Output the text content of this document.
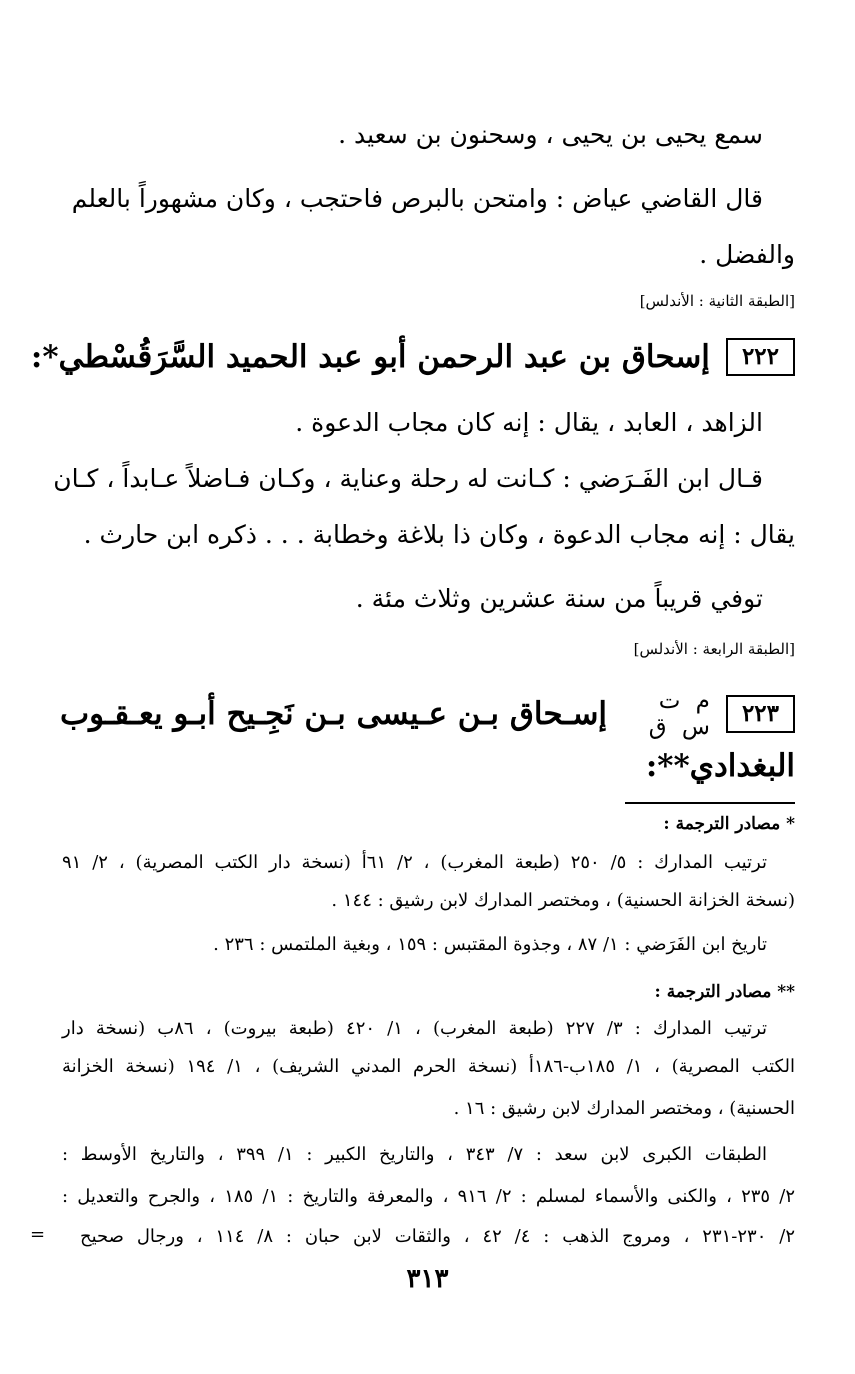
سمع يحيى بن يحيى ، وسحنون بن سعيد .
قال القاضي عياض : وامتحن بالبرص فاحتجب ، وكان مشهوراً بالعلم
والفضل .
[الطبقة الثانية : الأندلس]
٢٢٢
إسحاق بن عبد الرحمن أبو عبد الحميد السَّرَقُسْطي*:
الزاهد ، العابد ، يقال : إنه كان مجاب الدعوة .
قـال ابن الفَـرَضي : كـانت له رحلة وعناية ، وكـان فـاضلاً عـابداً ، كـان
يقال : إنه مجاب الدعوة ، وكان ذا بلاغة وخطابة . . . ذكره ابن حارث .
توفي قريباً من سنة عشرين وثلاث مئة .
[الطبقة الرابعة : الأندلس]
٢٢٣
م ت س ق
إسـحاق بـن عـيسى بـن نَجِـيح أبـو يعـقـوب
البغدادي**:
* مصادر الترجمة :
ترتيب المدارك : ٥/ ٢٥٠ (طبعة المغرب) ، ٢/ ٦١أ (نسخة دار الكتب المصرية) ، ٢/ ٩١
(نسخة الخزانة الحسنية) ، ومختصر المدارك لابن رشيق : ١٤٤ .
تاريخ ابن الفَرَضي : ١/ ٨٧ ، وجذوة المقتبس : ١٥٩ ، وبغية الملتمس : ٢٣٦ .
** مصادر الترجمة :
ترتيب المدارك : ٣/ ٢٢٧ (طبعة المغرب) ، ١/ ٤٢٠ (طبعة بيروت) ، ٨٦ب (نسخة دار
الكتب المصرية) ، ١/ ١٨٥ب-١٨٦أ (نسخة الحرم المدني الشريف) ، ١/ ١٩٤ (نسخة الخزانة
الحسنية) ، ومختصر المدارك لابن رشيق : ١٦ .
الطبقات الكبرى لابن سعد : ٧/ ٣٤٣ ، والتاريخ الكبير : ١/ ٣٩٩ ، والتاريخ الأوسط :
٢/ ٢٣٥ ، والكنى والأسماء لمسلم : ٢/ ٩١٦ ، والمعرفة والتاريخ : ١/ ١٨٥ ، والجرح والتعديل :
٢/ ٢٣٠-٢٣١ ، ومروج الذهب : ٤/ ٤٢ ، والثقات لابن حبان : ٨/ ١١٤ ، ورجال صحيح
=
٣١٣
